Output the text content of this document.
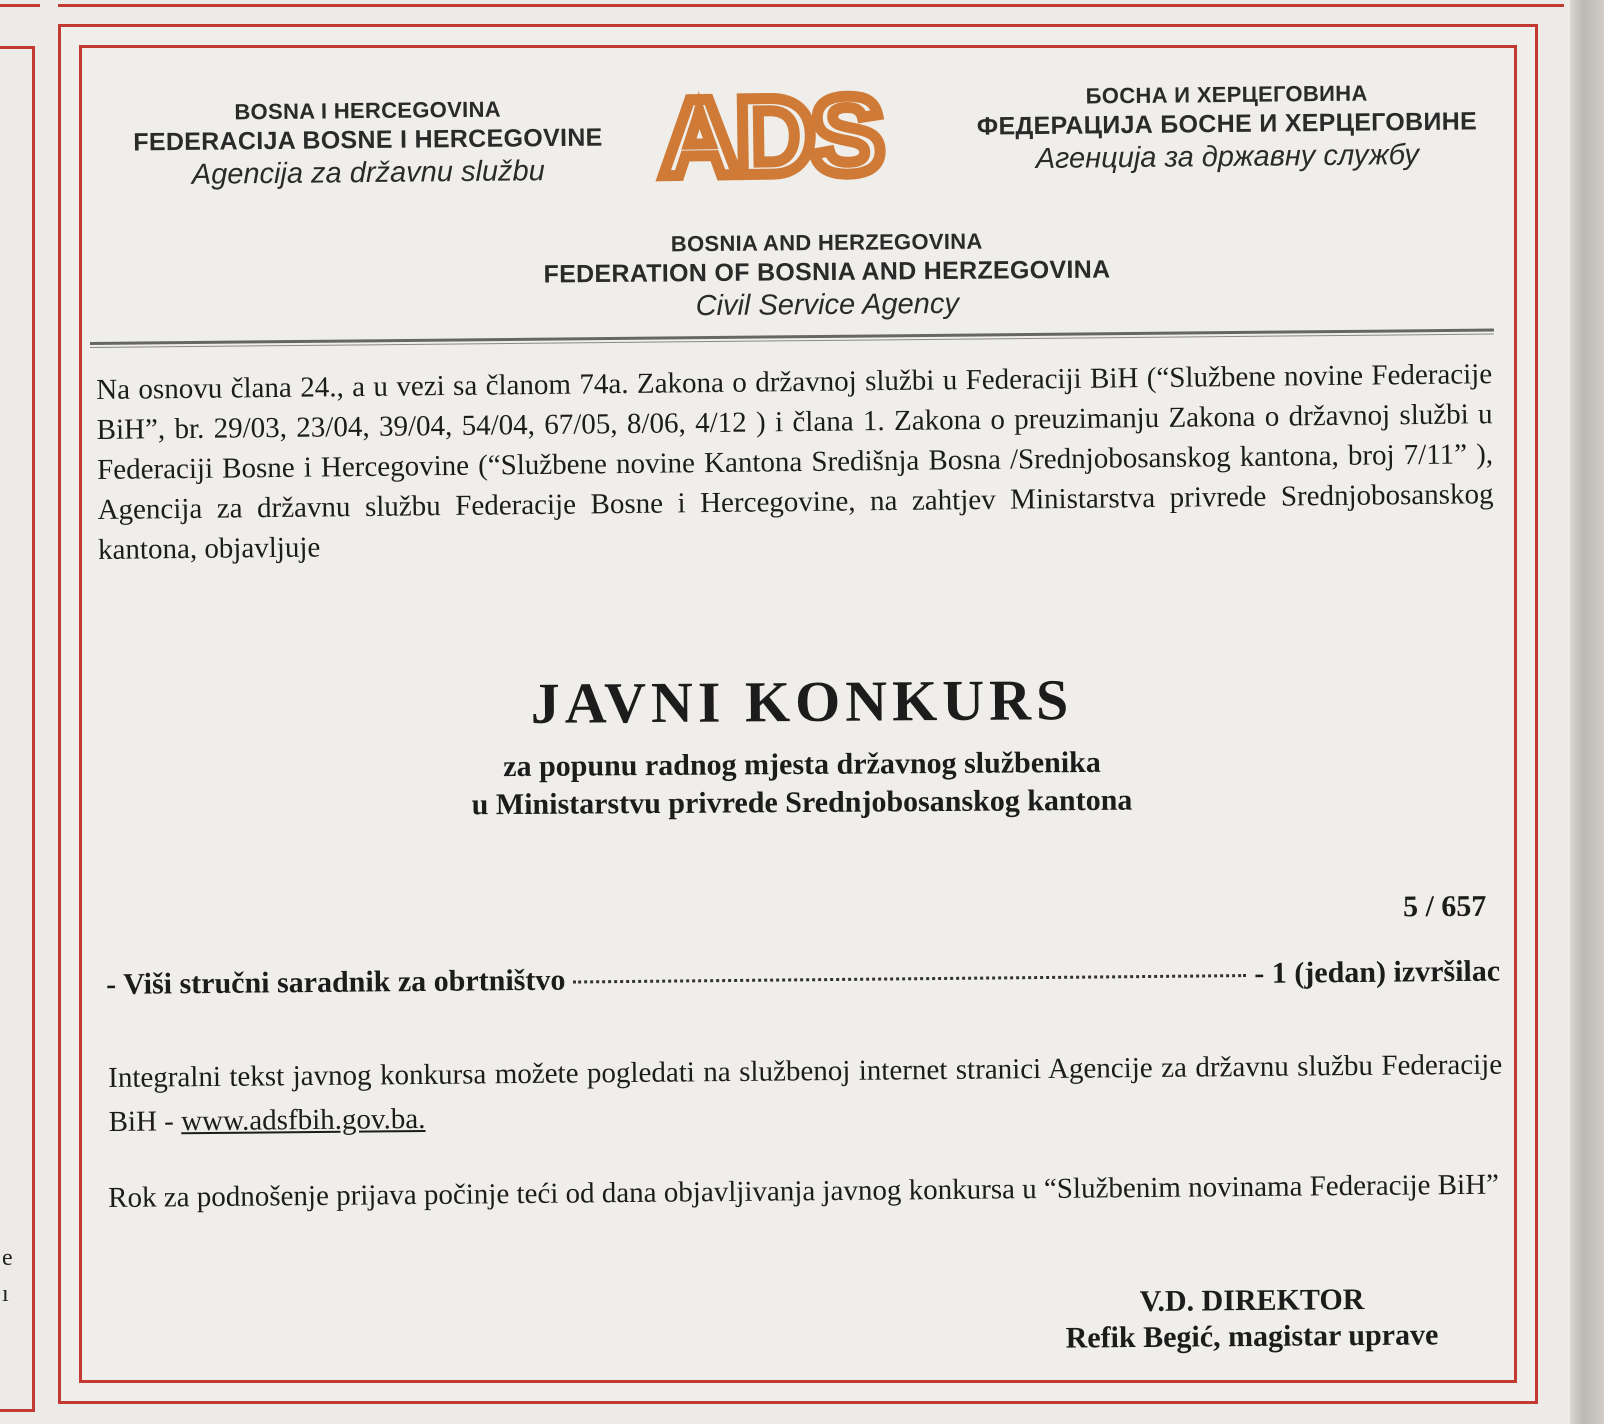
e
ı
BOSNA I HERCEGOVINA
FEDERACIJA BOSNE I HERCEGOVINE
Agencija za državnu službu	ADS	БОСНА И ХЕРЦЕГОВИНА
ФЕДЕРАЦИЈА БОСНЕ И ХЕРЦЕГОВИНЕ
Агенција за државну службу
BOSNIA AND HERZEGOVINA
FEDERATION OF BOSNIA AND HERZEGOVINA
Civil Service Agency
Na osnovu člana 24., a u vezi sa članom 74a. Zakona o državnoj službi u Federaciji BiH (“Službene novine Federacije BiH”, br. 29/03, 23/04, 39/04, 54/04, 67/05, 8/06, 4/12 ) i člana 1. Zakona o preuzimanju Zakona o državnoj službi u Federaciji Bosne i Hercegovine (“Službene novine Kantona Središnja Bosna /Srednjobosanskog kantona, broj 7/11” ), Agencija za državnu službu Federacije Bosne i Hercegovine, na zahtjev Ministarstva privrede Srednjobosanskog kantona, objavljuje
JAVNI KONKURS
za popunu radnog mjesta državnog službenika
u Ministarstvu privrede Srednjobosanskog kantona
5 / 657
- Viši stručni saradnik za obrtništvo	- 1 (jedan) izvršilac
Integralni tekst javnog konkursa možete pogledati na službenoj internet stranici Agencije za državnu službu Federacije BiH - www.adsfbih.gov.ba.
Rok za podnošenje prijava počinje teći od dana objavljivanja javnog konkursa u “Službenim novinama Federacije BiH”
V.D. DIREKTOR
Refik Begić, magistar uprave
